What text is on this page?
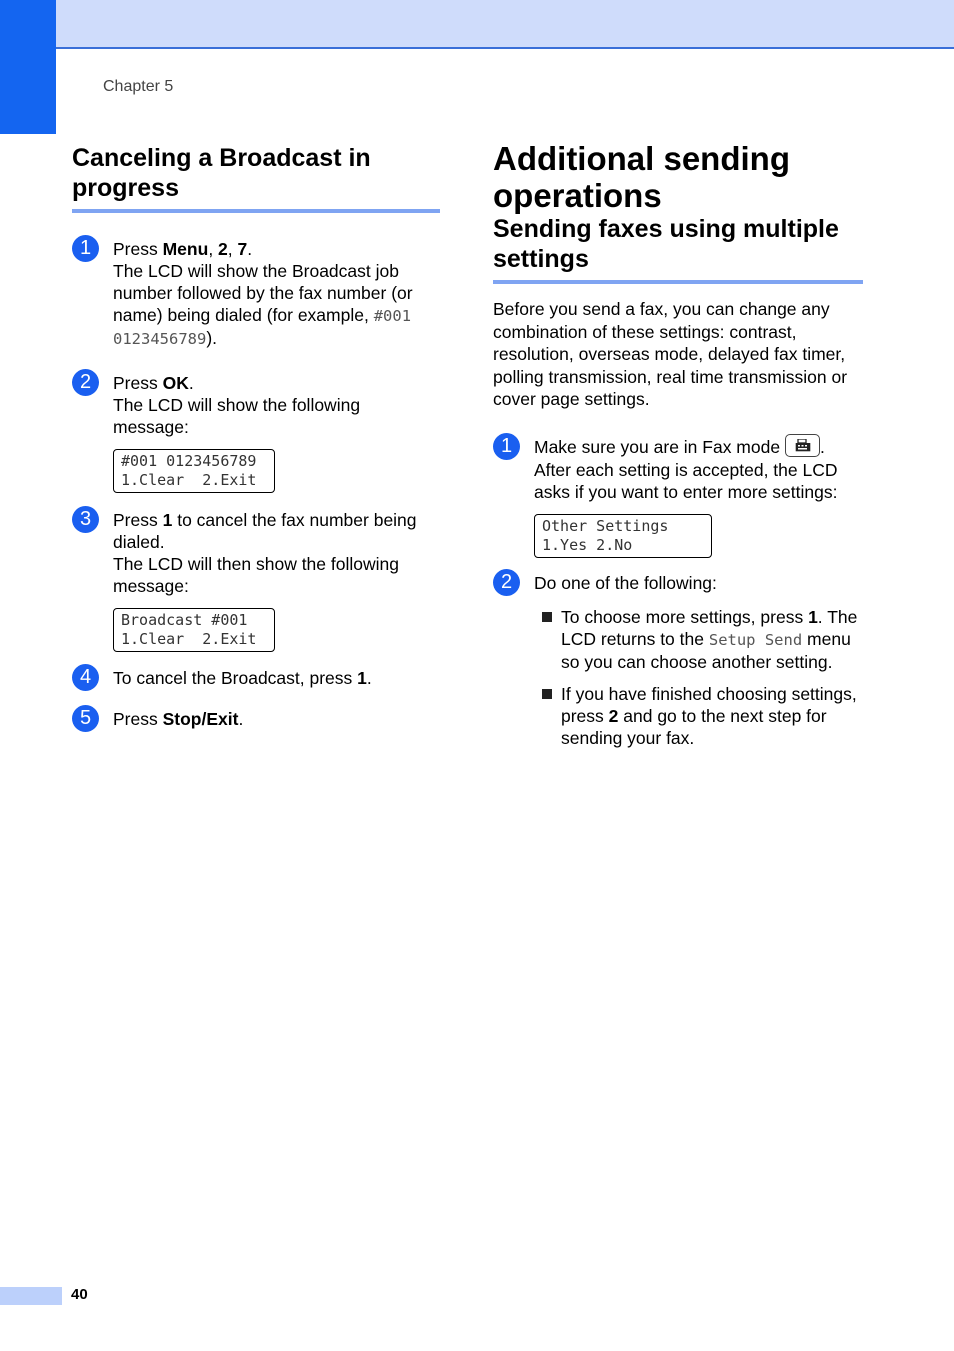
Chapter 5
Canceling a Broadcast in progress
1	Press Menu, 2, 7.
The LCD will show the Broadcast job number followed by the fax number (or name) being dialed (for example, #001 0123456789).
2	Press OK.
The LCD will show the following message:
#001 0123456789
1.Clear  2.Exit
3	Press 1 to cancel the fax number being dialed.
The LCD will then show the following message:
Broadcast #001
1.Clear  2.Exit
4	To cancel the Broadcast, press 1.
5	Press Stop/Exit.
Additional sending operations
Sending faxes using multiple settings
Before you send a fax, you can change any combination of these settings: contrast, resolution, overseas mode, delayed fax timer, polling transmission, real time transmission or cover page settings.
1	Make sure you are in Fax mode
.
After each setting is accepted, the LCD asks if you want to enter more settings:
Other Settings
1.Yes 2.No
2	Do one of the following:
To choose more settings, press 1. The LCD returns to the Setup Send menu so you can choose another setting.
If you have finished choosing settings, press 2 and go to the next step for sending your fax.
40
